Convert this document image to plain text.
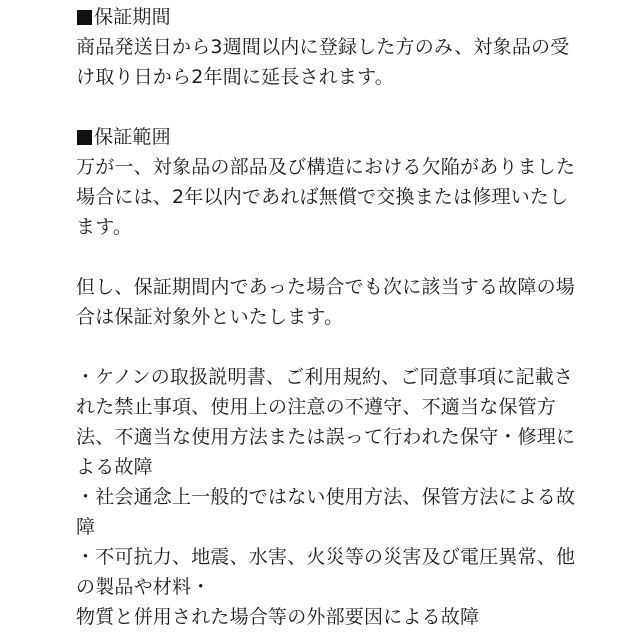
保証期間
商品発送日から3週間以内に登録した方のみ、対象品の受
け取り日から2年間に延長されます。
保証範囲
万が一、対象品の部品及び構造における欠陥がありました
場合には、2年以内であれば無償で交換または修理いたし
ます。
但し、保証期間内であった場合でも次に該当する故障の場
合は保証対象外といたします。
・ケノンの取扱説明書、ご利用規約、ご同意事項に記載さ
れた禁止事項、使用上の注意の不遵守、不適当な保管方
法、不適当な使用方法または誤って行われた保守・修理に
よる故障
・社会通念上一般的ではない使用方法、保管方法による故
障
・不可抗力、地震、水害、火災等の災害及び電圧異常、他
の製品や材料・
物質と併用された場合等の外部要因による故障
